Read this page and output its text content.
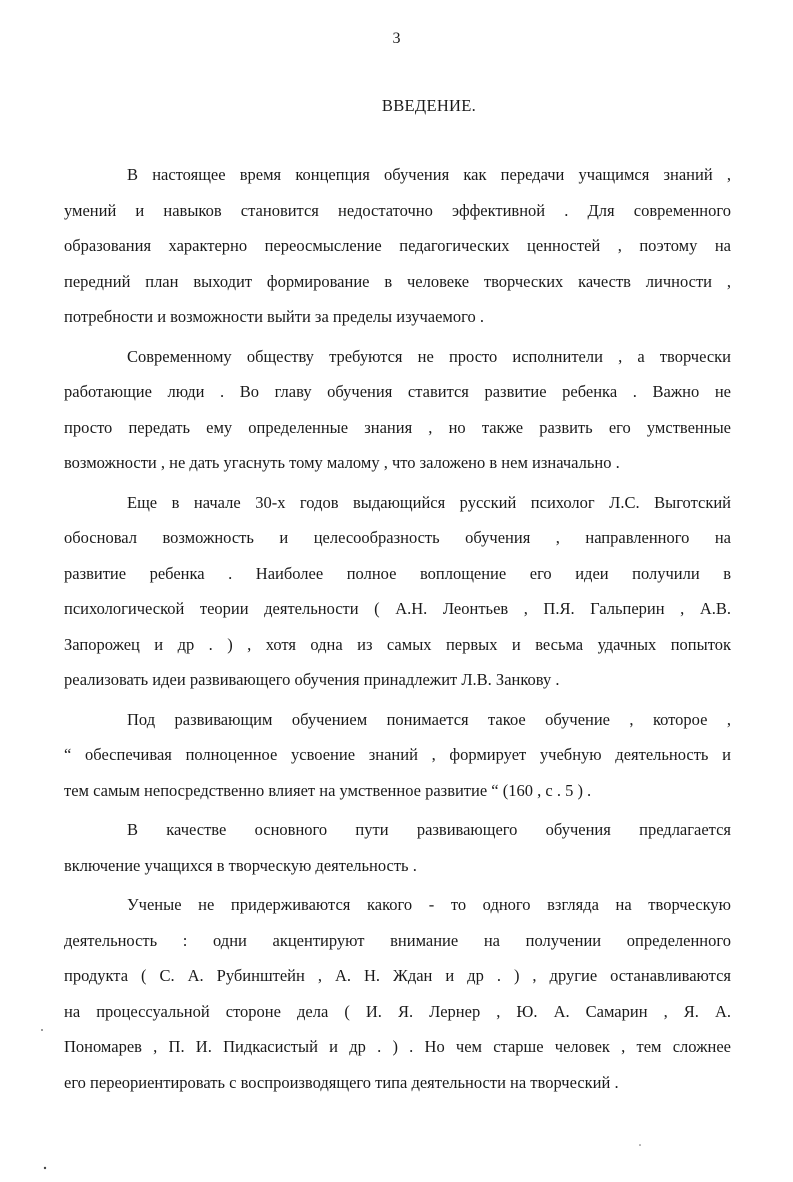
3
ВВЕДЕНИЕ.
В настоящее время концепция обучения как передачи учащимся знаний ,
умений и навыков становится недостаточно эффективной . Для современного
образования характерно переосмысление педагогических ценностей , поэтому на
передний план выходит формирование в человеке творческих качеств личности ,
потребности и возможности выйти за пределы изучаемого .
Современному обществу требуются не просто исполнители , а творчески
работающие люди . Во главу обучения ставится развитие ребенка . Важно не
просто передать ему определенные знания , но также развить его умственные
возможности , не дать угаснуть тому малому , что заложено в нем изначально .
Еще в начале 30-х годов выдающийся русский психолог Л.С. Выготский
обосновал возможность и целесообразность обучения , направленного на
развитие ребенка . Наиболее полное воплощение его идеи получили в
психологической теории деятельности ( А.Н. Леонтьев , П.Я. Гальперин , А.В.
Запорожец и др . ) , хотя одна из самых первых и весьма удачных попыток
реализовать идеи развивающего обучения принадлежит Л.В. Занкову .
Под развивающим обучением понимается такое обучение , которое ,
“ обеспечивая полноценное усвоение знаний , формирует учебную деятельность и
тем самым непосредственно влияет на умственное развитие “ (160 , с . 5 ) .
В качестве основного пути развивающего обучения предлагается
включение учащихся в творческую деятельность .
Ученые не придерживаются какого - то одного взгляда на творческую
деятельность : одни акцентируют внимание на получении определенного
продукта ( С. А. Рубинштейн , А. Н. Ждан и др . ) , другие останавливаются
на процессуальной стороне дела ( И. Я. Лернер , Ю. А. Самарин , Я. А.
Пономарев , П. И. Пидкасистый и др . ) . Но чем старше человек , тем сложнее
его переориентировать с воспроизводящего типа деятельности на творческий .
